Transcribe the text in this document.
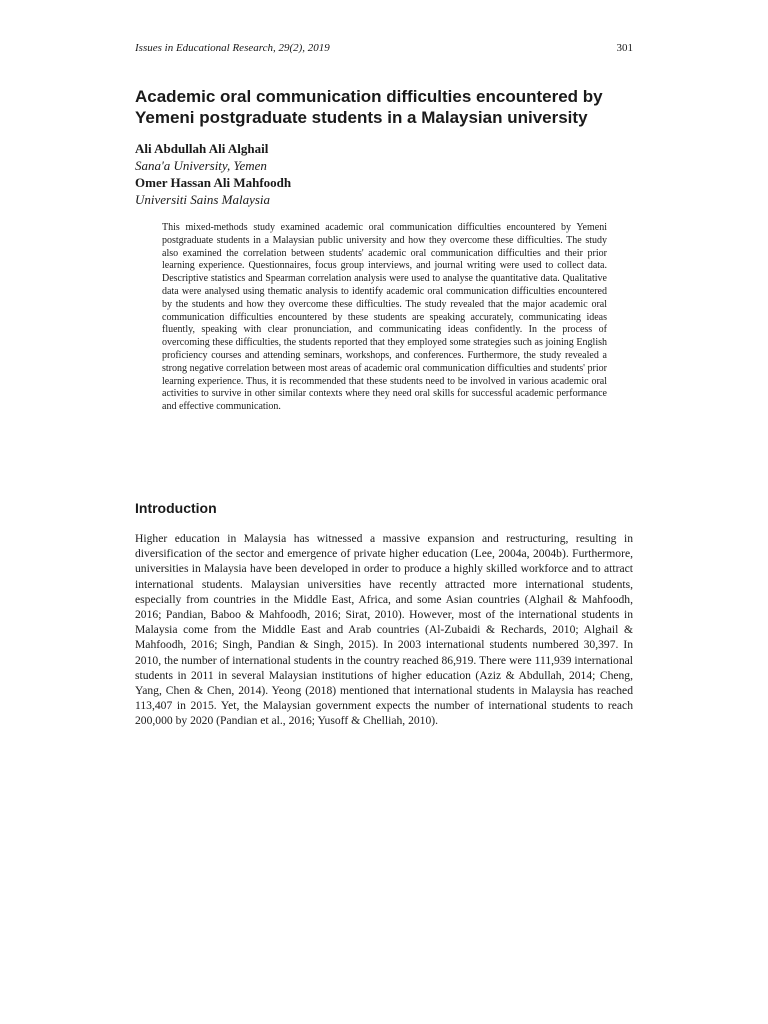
Issues in Educational Research, 29(2), 2019	301
Academic oral communication difficulties encountered by Yemeni postgraduate students in a Malaysian university
Ali Abdullah Ali Alghail
Sana'a University, Yemen
Omer Hassan Ali Mahfoodh
Universiti Sains Malaysia

This mixed-methods study examined academic oral communication difficulties encountered by Yemeni postgraduate students in a Malaysian public university and how they overcome these difficulties. The study also examined the correlation between students' academic oral communication difficulties and their prior learning experience. Questionnaires, focus group interviews, and journal writing were used to collect data. Descriptive statistics and Spearman correlation analysis were used to analyse the quantitative data. Qualitative data were analysed using thematic analysis to identify academic oral communication difficulties encountered by the students and how they overcome these difficulties. The study revealed that the major academic oral communication difficulties encountered by these students are speaking accurately, communicating ideas fluently, speaking with clear pronunciation, and communicating ideas confidently. In the process of overcoming these difficulties, the students reported that they employed some strategies such as joining English proficiency courses and attending seminars, workshops, and conferences. Furthermore, the study revealed a strong negative correlation between most areas of academic oral communication difficulties and students' prior learning experience. Thus, it is recommended that these students need to be involved in various academic oral activities to survive in other similar contexts where they need oral skills for successful academic performance and effective communication.

Introduction

Higher education in Malaysia has witnessed a massive expansion and restructuring, resulting in diversification of the sector and emergence of private higher education (Lee, 2004a, 2004b). Furthermore, universities in Malaysia have been developed in order to produce a highly skilled workforce and to attract international students. Malaysian universities have recently attracted more international students, especially from countries in the Middle East, Africa, and some Asian countries (Alghail & Mahfoodh, 2016; Pandian, Baboo & Mahfoodh, 2016; Sirat, 2010). However, most of the international students in Malaysia come from the Middle East and Arab countries (Al-Zubaidi & Rechards, 2010; Alghail & Mahfoodh, 2016; Singh, Pandian & Singh, 2015). In 2003 international students numbered 30,397. In 2010, the number of international students in the country reached 86,919. There were 111,939 international students in 2011 in several Malaysian institutions of higher education (Aziz & Abdullah, 2014; Cheng, Yang, Chen & Chen, 2014). Yeong (2018) mentioned that international students in Malaysia has reached 113,407 in 2015. Yet, the Malaysian government expects the number of international students to reach 200,000 by 2020 (Pandian et al., 2016; Yusoff & Chelliah, 2010).
